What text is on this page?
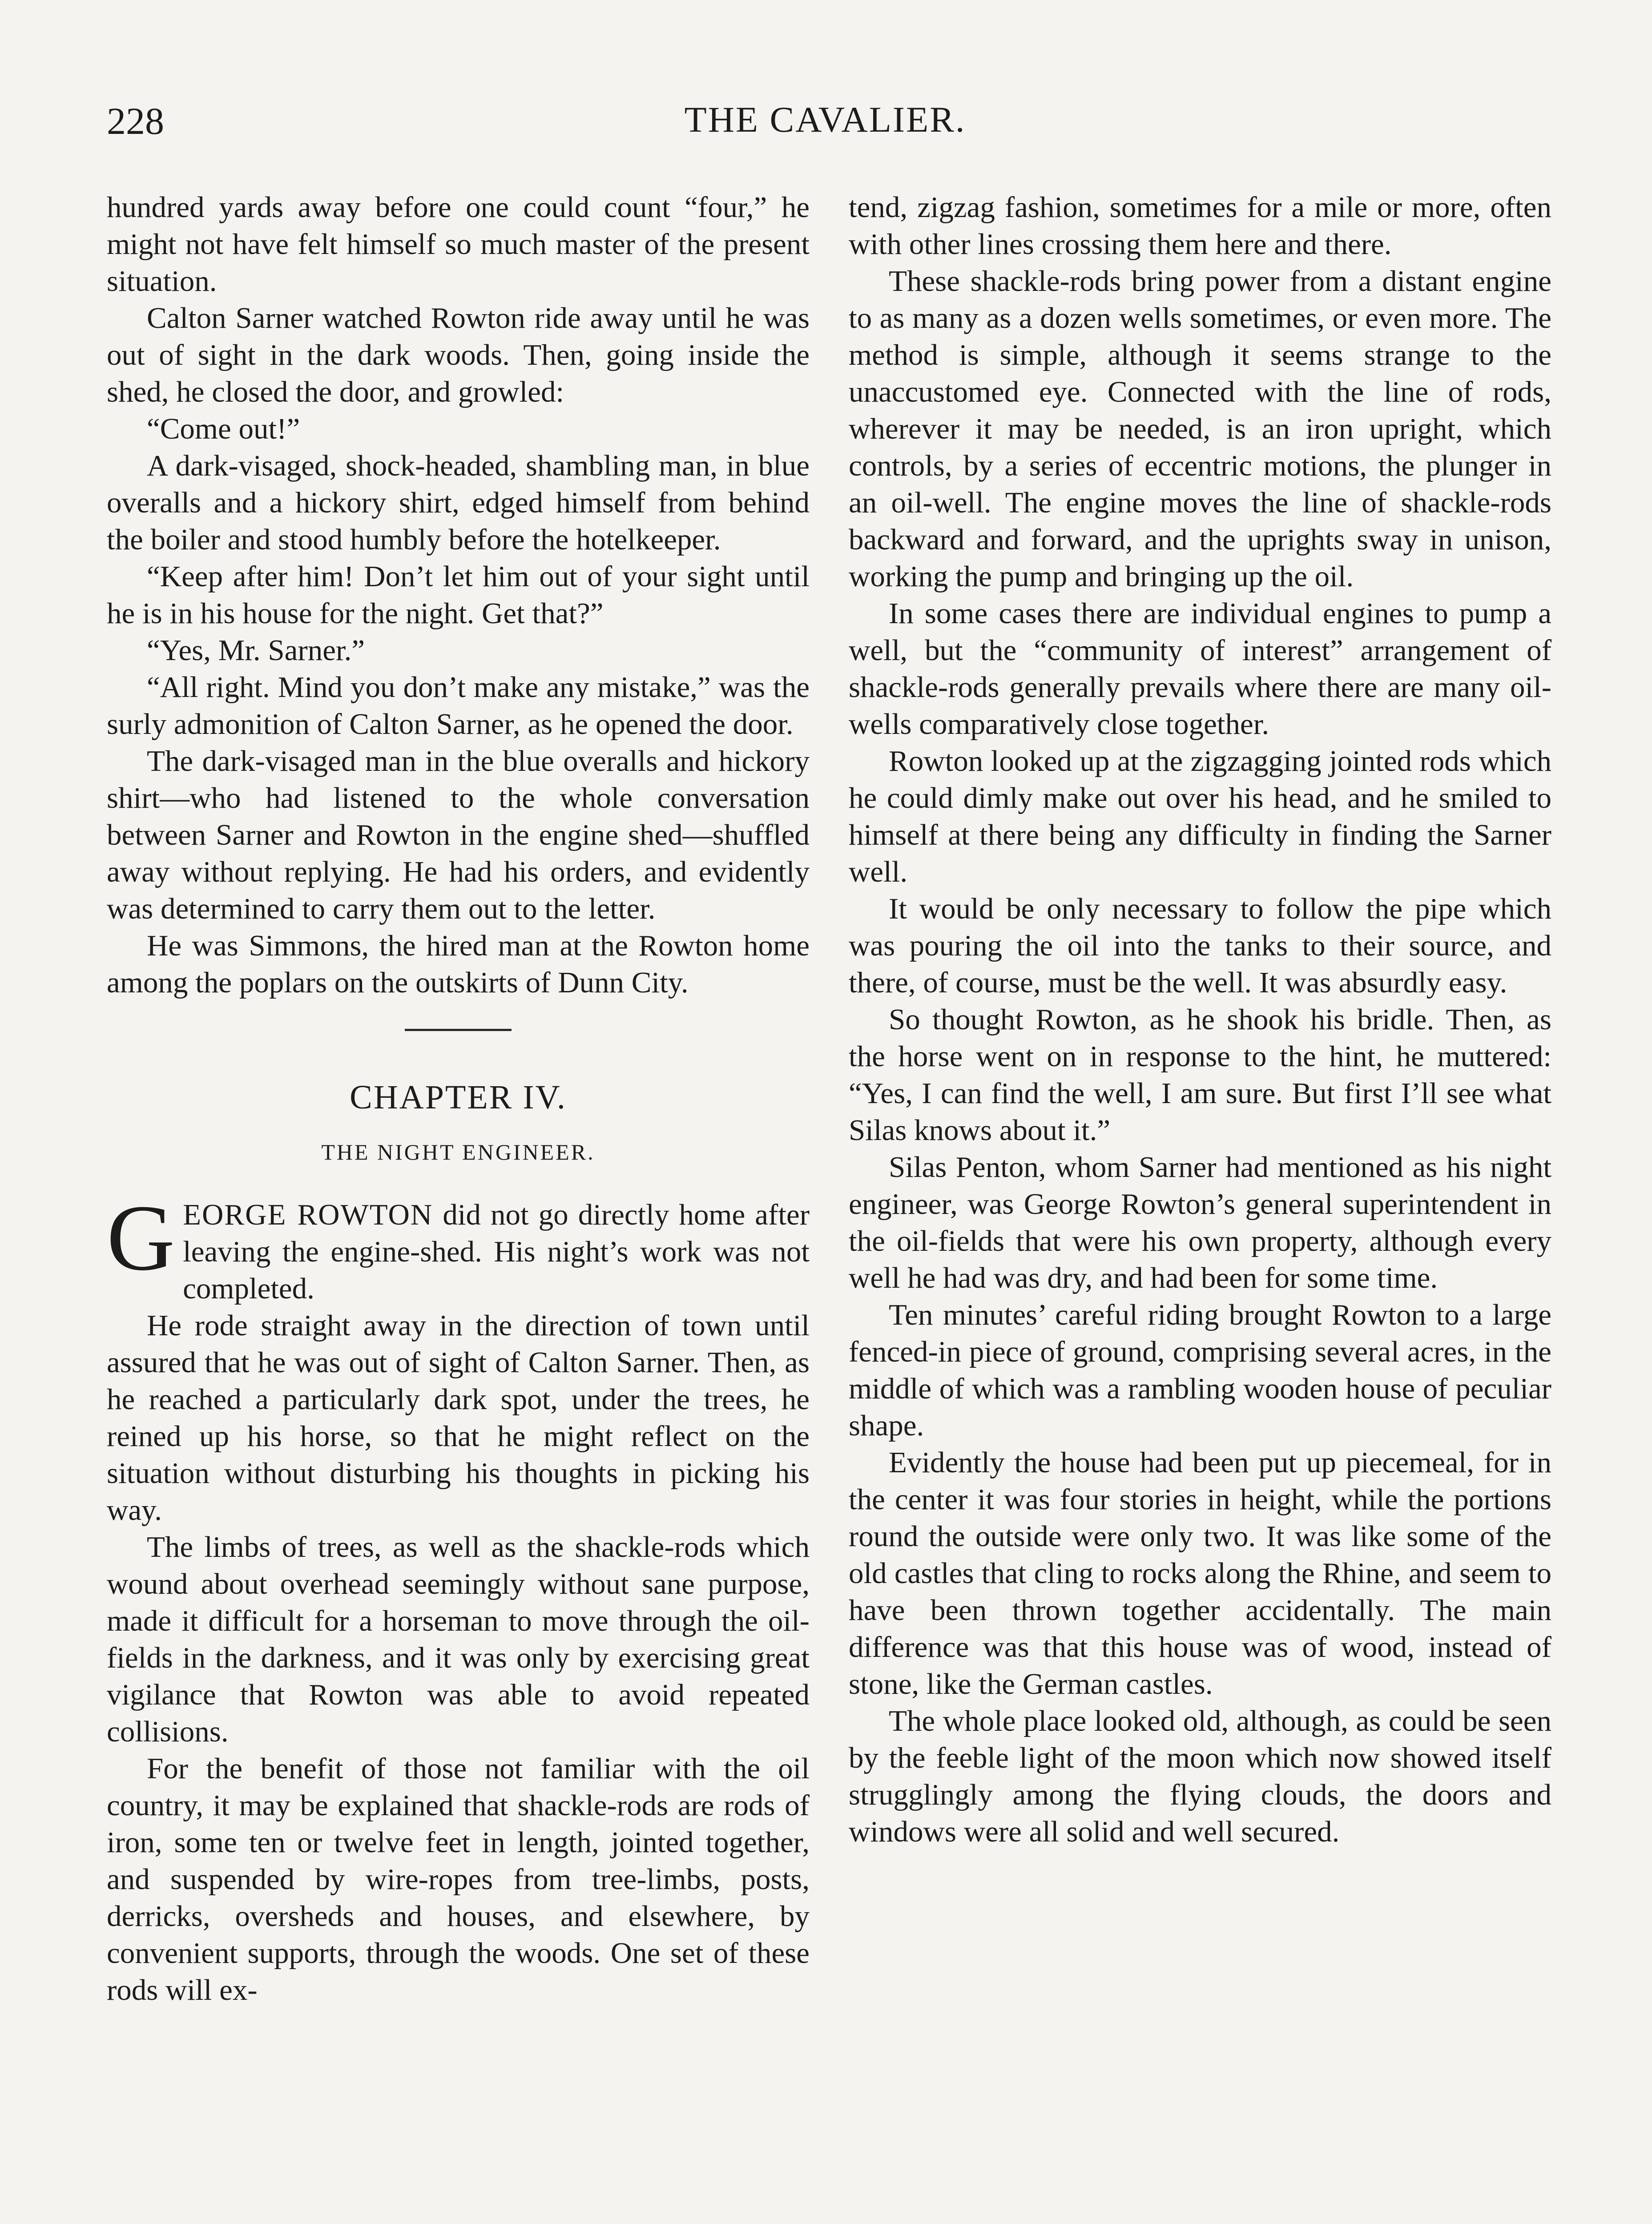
228	THE CAVALIER.

hundred yards away before one could count “four,” he might not have felt himself so much master of the present situation.

Calton Sarner watched Rowton ride away until he was out of sight in the dark woods. Then, going inside the shed, he closed the door, and growled:

“Come out!”

A dark-visaged, shock-headed, shambling man, in blue overalls and a hickory shirt, edged himself from behind the boiler and stood humbly before the hotelkeeper.

“Keep after him! Don’t let him out of your sight until he is in his house for the night. Get that?”

“Yes, Mr. Sarner.”

“All right. Mind you don’t make any mistake,” was the surly admonition of Calton Sarner, as he opened the door.

The dark-visaged man in the blue overalls and hickory shirt—who had listened to the whole conversation between Sarner and Rowton in the engine shed—shuffled away without replying. He had his orders, and evidently was determined to carry them out to the letter.

He was Simmons, the hired man at the Rowton home among the poplars on the outskirts of Dunn City.

CHAPTER IV.
THE NIGHT ENGINEER.

GEORGE ROWTON did not go directly home after leaving the engine-shed. His night’s work was not completed.

He rode straight away in the direction of town until assured that he was out of sight of Calton Sarner. Then, as he reached a particularly dark spot, under the trees, he reined up his horse, so that he might reflect on the situation without disturbing his thoughts in picking his way.

The limbs of trees, as well as the shackle-rods which wound about overhead seemingly without sane purpose, made it difficult for a horseman to move through the oil-fields in the darkness, and it was only by exercising great vigilance that Rowton was able to avoid repeated collisions.

For the benefit of those not familiar with the oil country, it may be explained that shackle-rods are rods of iron, some ten or twelve feet in length, jointed together, and suspended by wire-ropes from tree-limbs, posts, derricks, oversheds and houses, and elsewhere, by convenient supports, through the woods. One set of these rods will ex-

tend, zigzag fashion, sometimes for a mile or more, often with other lines crossing them here and there.

These shackle-rods bring power from a distant engine to as many as a dozen wells sometimes, or even more. The method is simple, although it seems strange to the unaccustomed eye. Connected with the line of rods, wherever it may be needed, is an iron upright, which controls, by a series of eccentric motions, the plunger in an oil-well. The engine moves the line of shackle-rods backward and forward, and the uprights sway in unison, working the pump and bringing up the oil.

In some cases there are individual engines to pump a well, but the “community of interest” arrangement of shackle-rods generally prevails where there are many oil-wells comparatively close together.

Rowton looked up at the zigzagging jointed rods which he could dimly make out over his head, and he smiled to himself at there being any difficulty in finding the Sarner well.

It would be only necessary to follow the pipe which was pouring the oil into the tanks to their source, and there, of course, must be the well. It was absurdly easy.

So thought Rowton, as he shook his bridle. Then, as the horse went on in response to the hint, he muttered: “Yes, I can find the well, I am sure. But first I’ll see what Silas knows about it.”

Silas Penton, whom Sarner had mentioned as his night engineer, was George Rowton’s general superintendent in the oil-fields that were his own property, although every well he had was dry, and had been for some time.

Ten minutes’ careful riding brought Rowton to a large fenced-in piece of ground, comprising several acres, in the middle of which was a rambling wooden house of peculiar shape.

Evidently the house had been put up piecemeal, for in the center it was four stories in height, while the portions round the outside were only two. It was like some of the old castles that cling to rocks along the Rhine, and seem to have been thrown together accidentally. The main difference was that this house was of wood, instead of stone, like the German castles.

The whole place looked old, although, as could be seen by the feeble light of the moon which now showed itself strugglingly among the flying clouds, the doors and windows were all solid and well secured.
